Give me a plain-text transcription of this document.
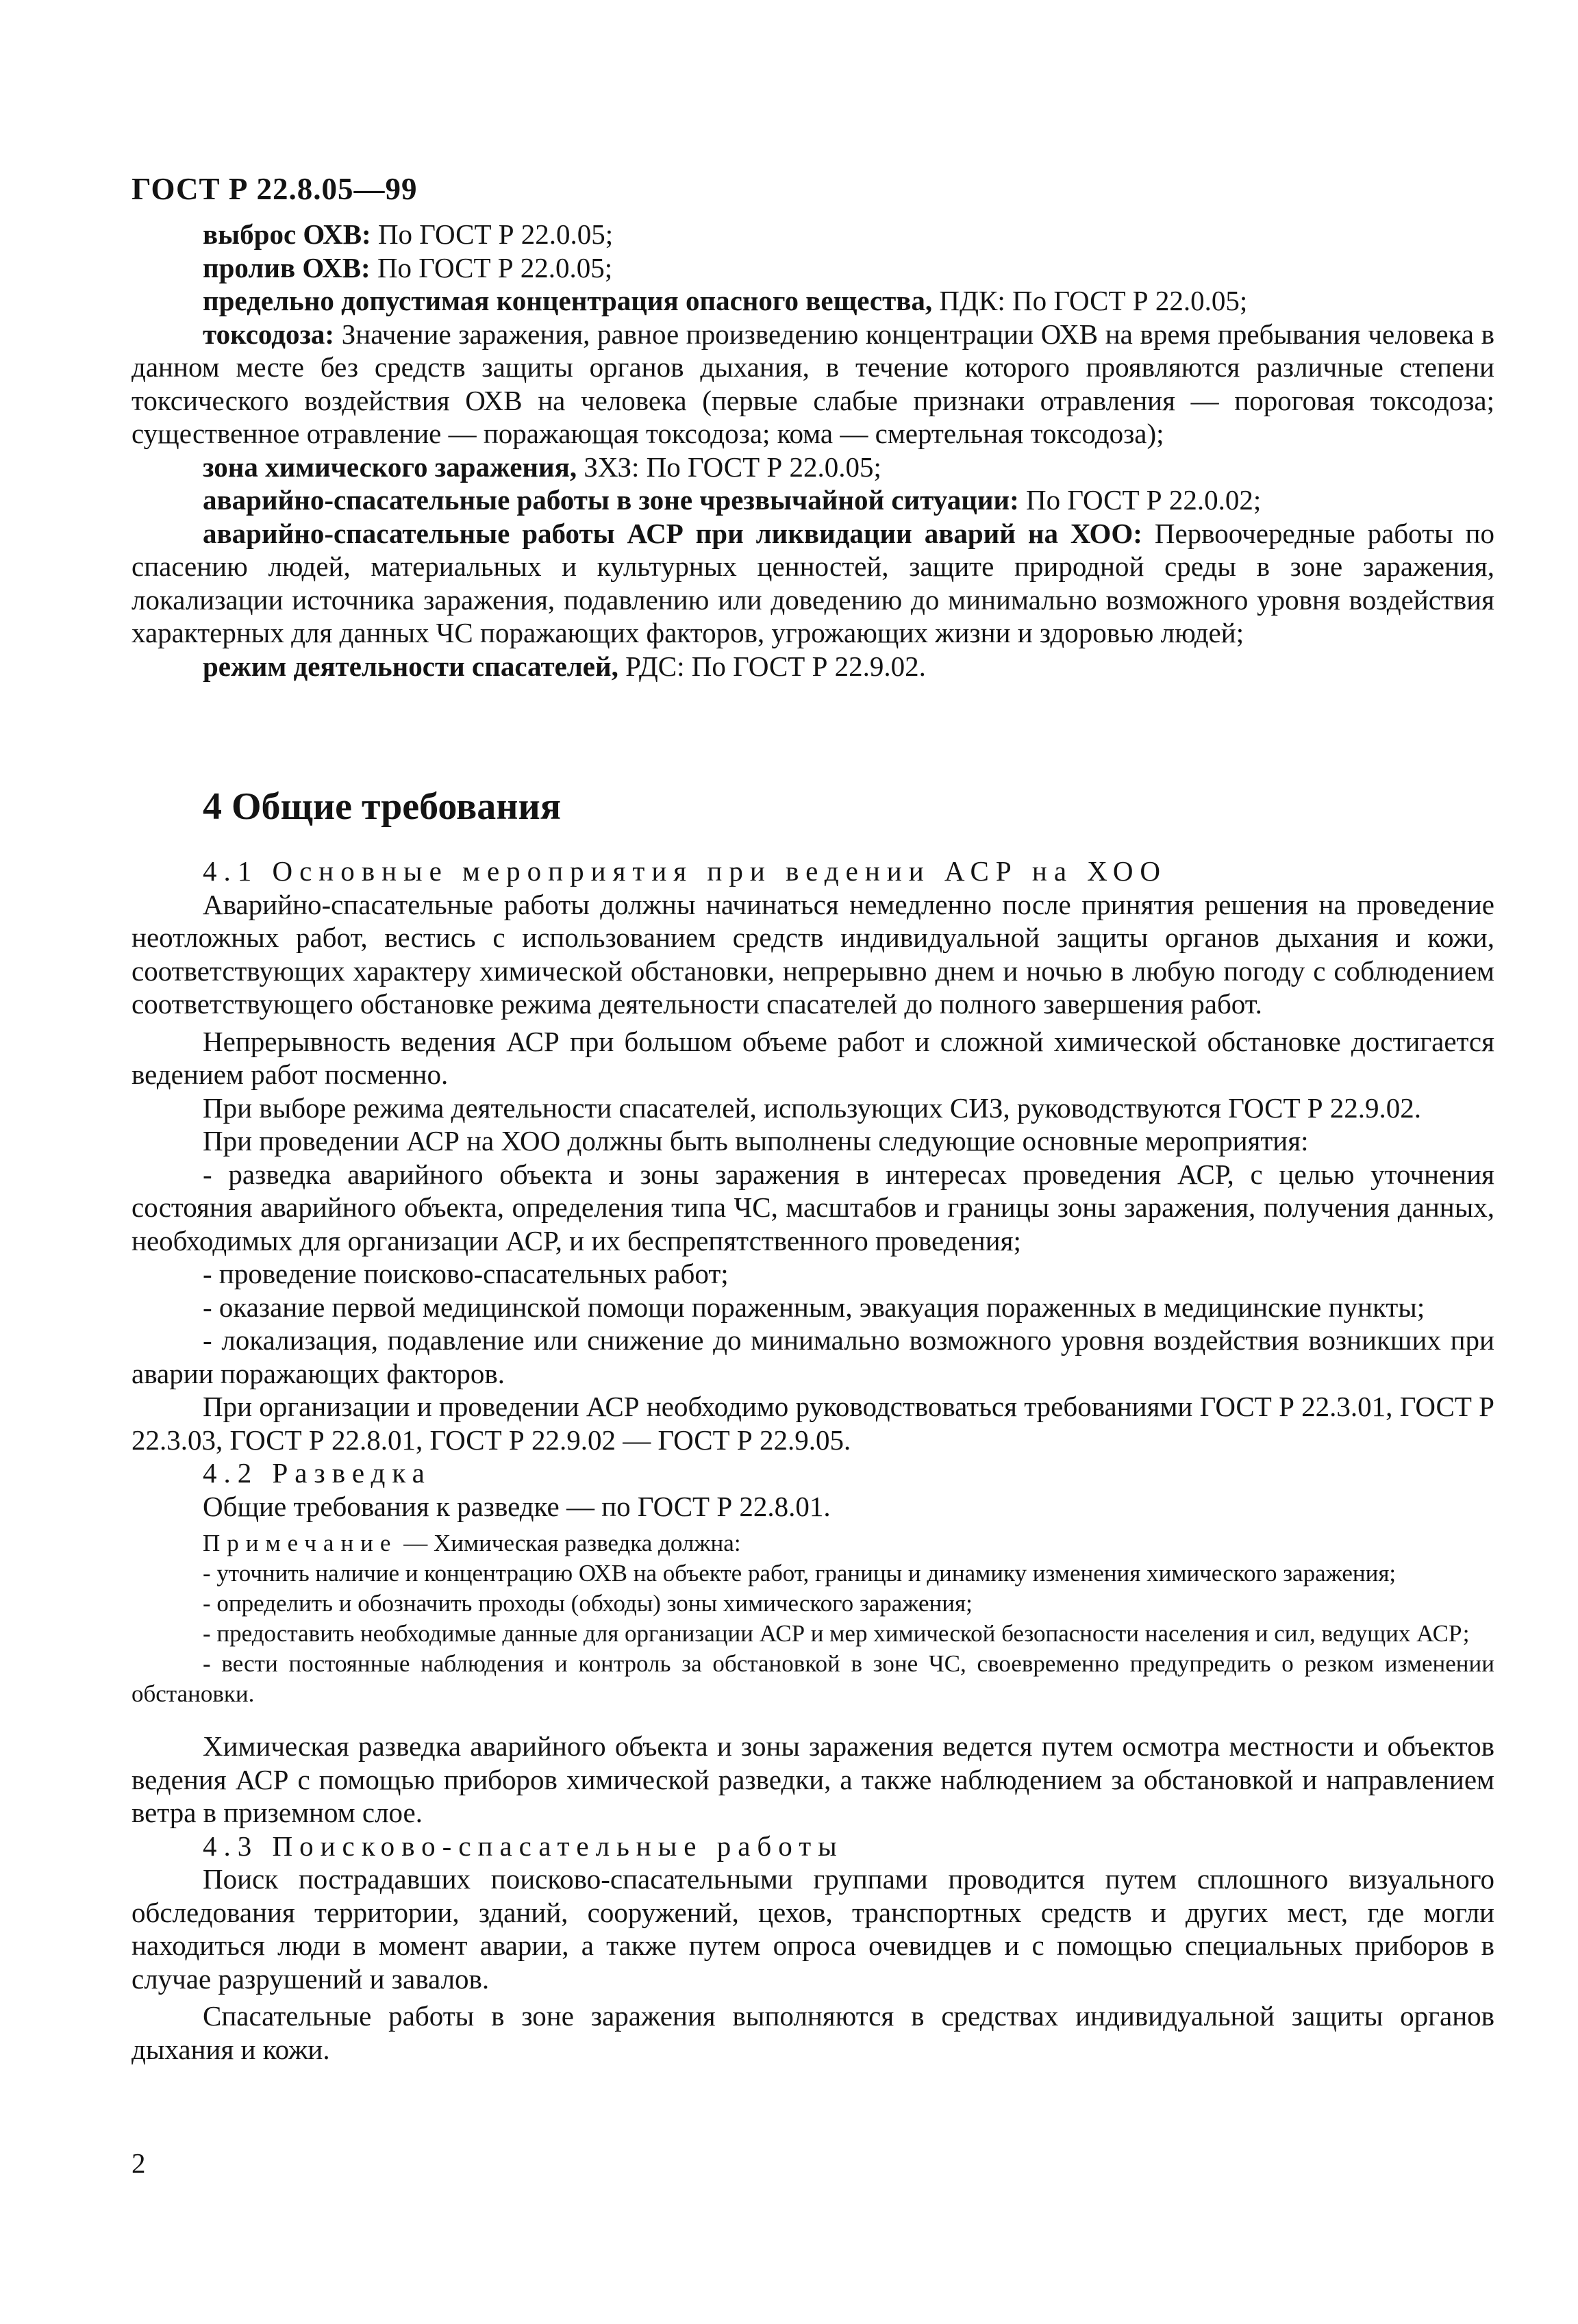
ГОСТ Р 22.8.05—99

выброс ОХВ: По ГОСТ Р 22.0.05;

пролив ОХВ: По ГОСТ Р 22.0.05;

предельно допустимая концентрация опасного вещества, ПДК: По ГОСТ Р 22.0.05;

токсодоза: Значение заражения, равное произведению концентрации ОХВ на время пребывания человека в данном месте без средств защиты органов дыхания, в течение которого проявляются различные степени токсического воздействия ОХВ на человека (первые слабые признаки отравления — пороговая токсодоза; существенное отравление — поражающая токсодоза; кома — смертельная токсодоза);

зона химического заражения, ЗХЗ: По ГОСТ Р 22.0.05;

аварийно-спасательные работы в зоне чрезвычайной ситуации: По ГОСТ Р 22.0.02;

аварийно-спасательные работы АСР при ликвидации аварий на ХОО: Первоочередные работы по спасению людей, материальных и культурных ценностей, защите природной среды в зоне заражения, локализации источника заражения, подавлению или доведению до минимально возможного уровня воздействия характерных для данных ЧС поражающих факторов, угрожающих жизни и здоровью людей;

режим деятельности спасателей, РДС: По ГОСТ Р 22.9.02.

4 Общие требования

4.1 Основные мероприятия при ведении АСР на ХОО

Аварийно-спасательные работы должны начинаться немедленно после принятия решения на проведение неотложных работ, вестись с использованием средств индивидуальной защиты органов дыхания и кожи, соответствующих характеру химической обстановки, непрерывно днем и ночью в любую погоду с соблюдением соответствующего обстановке режима деятельности спасателей до полного завершения работ.

Непрерывность ведения АСР при большом объеме работ и сложной химической обстановке достигается ведением работ посменно.

При выборе режима деятельности спасателей, использующих СИЗ, руководствуются ГОСТ Р 22.9.02.

При проведении АСР на ХОО должны быть выполнены следующие основные мероприятия:

- разведка аварийного объекта и зоны заражения в интересах проведения АСР, с целью уточнения состояния аварийного объекта, определения типа ЧС, масштабов и границы зоны заражения, получения данных, необходимых для организации АСР, и их беспрепятственного проведения;

- проведение поисково-спасательных работ;

- оказание первой медицинской помощи пораженным, эвакуация пораженных в медицинские пункты;

- локализация, подавление или снижение до минимально возможного уровня воздействия возникших при аварии поражающих факторов.

При организации и проведении АСР необходимо руководствоваться требованиями ГОСТ Р 22.3.01, ГОСТ Р 22.3.03, ГОСТ Р 22.8.01, ГОСТ Р 22.9.02 — ГОСТ Р 22.9.05.

4.2 Разведка

Общие требования к разведке — по ГОСТ Р 22.8.01.

Примечание — Химическая разведка должна:

- уточнить наличие и концентрацию ОХВ на объекте работ, границы и динамику изменения химического заражения;

- определить и обозначить проходы (обходы) зоны химического заражения;

- предоставить необходимые данные для организации АСР и мер химической безопасности населения и сил, ведущих АСР;

- вести постоянные наблюдения и контроль за обстановкой в зоне ЧС, своевременно предупредить о резком изменении обстановки.

Химическая разведка аварийного объекта и зоны заражения ведется путем осмотра местности и объектов ведения АСР с помощью приборов химической разведки, а также наблюдением за обстановкой и направлением ветра в приземном слое.

4.3 Поисково-спасательные работы

Поиск пострадавших поисково-спасательными группами проводится путем сплошного визуального обследования территории, зданий, сооружений, цехов, транспортных средств и других мест, где могли находиться люди в момент аварии, а также путем опроса очевидцев и с помощью специальных приборов в случае разрушений и завалов.

Спасательные работы в зоне заражения выполняются в средствах индивидуальной защиты органов дыхания и кожи.

2
